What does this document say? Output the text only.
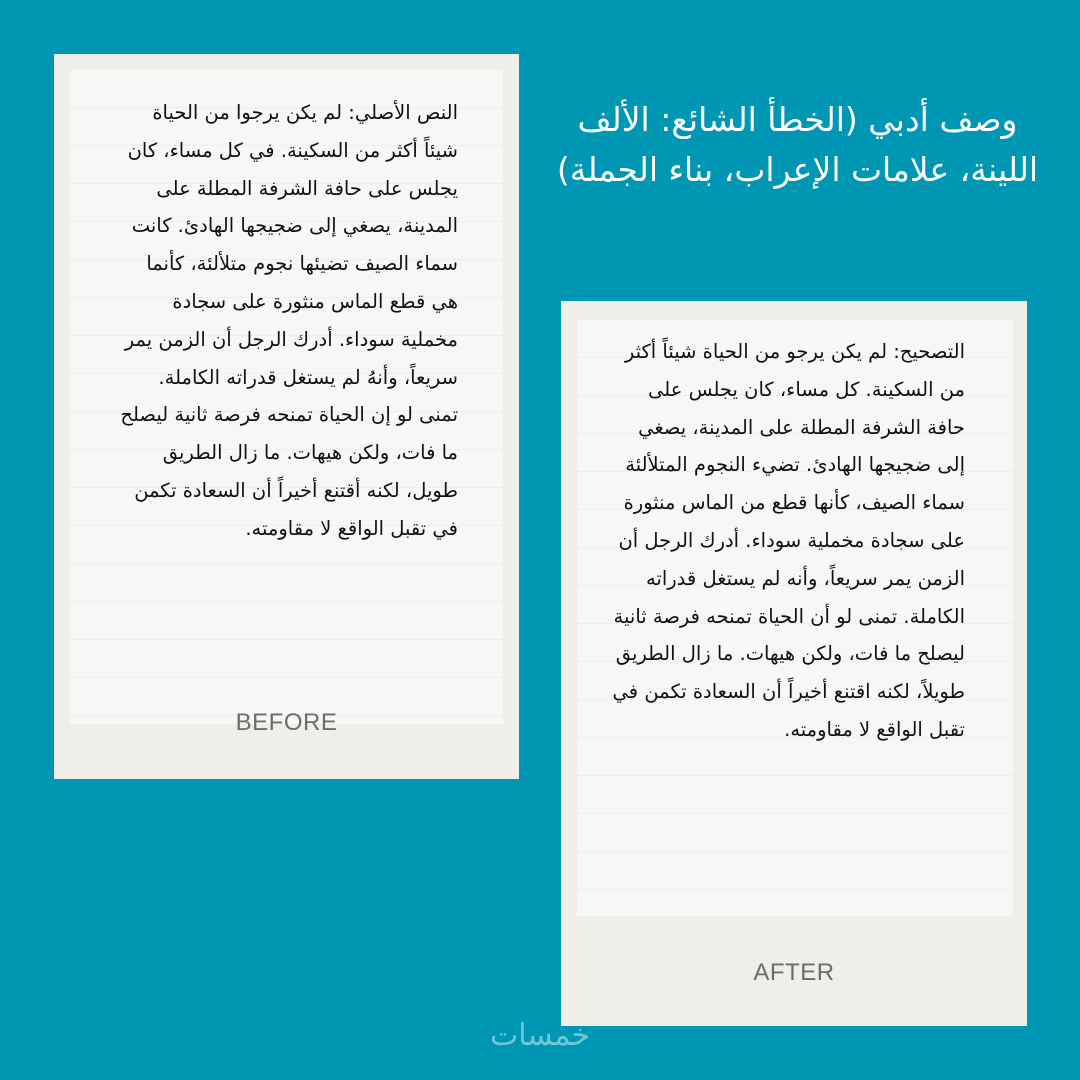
وصف أدبي (الخطأ الشائع: الألف اللينة، علامات الإعراب، بناء الجملة)

النص الأصلي: لم يكن يرجوا من الحياة شيئاً أكثر من السكينة. في كل مساء، كان يجلس على حافة الشرفة المطلة على المدينة، يصغي إلى ضجيجها الهادئ. كانت سماء الصيف تضيئها نجوم متلألئة، كأنما هي قطع الماس منثورة على سجادة مخملية سوداء. أدرك الرجل أن الزمن يمر سريعاً، وأنهُ لم يستغل قدراته الكاملة. تمنى لو إن الحياة تمنحه فرصة ثانية ليصلح ما فات، ولكن هيهات. ما زال الطريق طويل، لكنه أقتنع أخيراً أن السعادة تكمن في تقبل الواقع لا مقاومته.

BEFORE

التصحيح: لم يكن يرجو من الحياة شيئاً أكثر من السكينة. كل مساء، كان يجلس على حافة الشرفة المطلة على المدينة، يصغي إلى ضجيجها الهادئ. تضيء النجوم المتلألئة سماء الصيف، كأنها قطع من الماس منثورة على سجادة مخملية سوداء. أدرك الرجل أن الزمن يمر سريعاً، وأنه لم يستغل قدراته الكاملة. تمنى لو أن الحياة تمنحه فرصة ثانية ليصلح ما فات، ولكن هيهات. ما زال الطريق طويلاً، لكنه اقتنع أخيراً أن السعادة تكمن في تقبل الواقع لا مقاومته.

AFTER
خمسات
